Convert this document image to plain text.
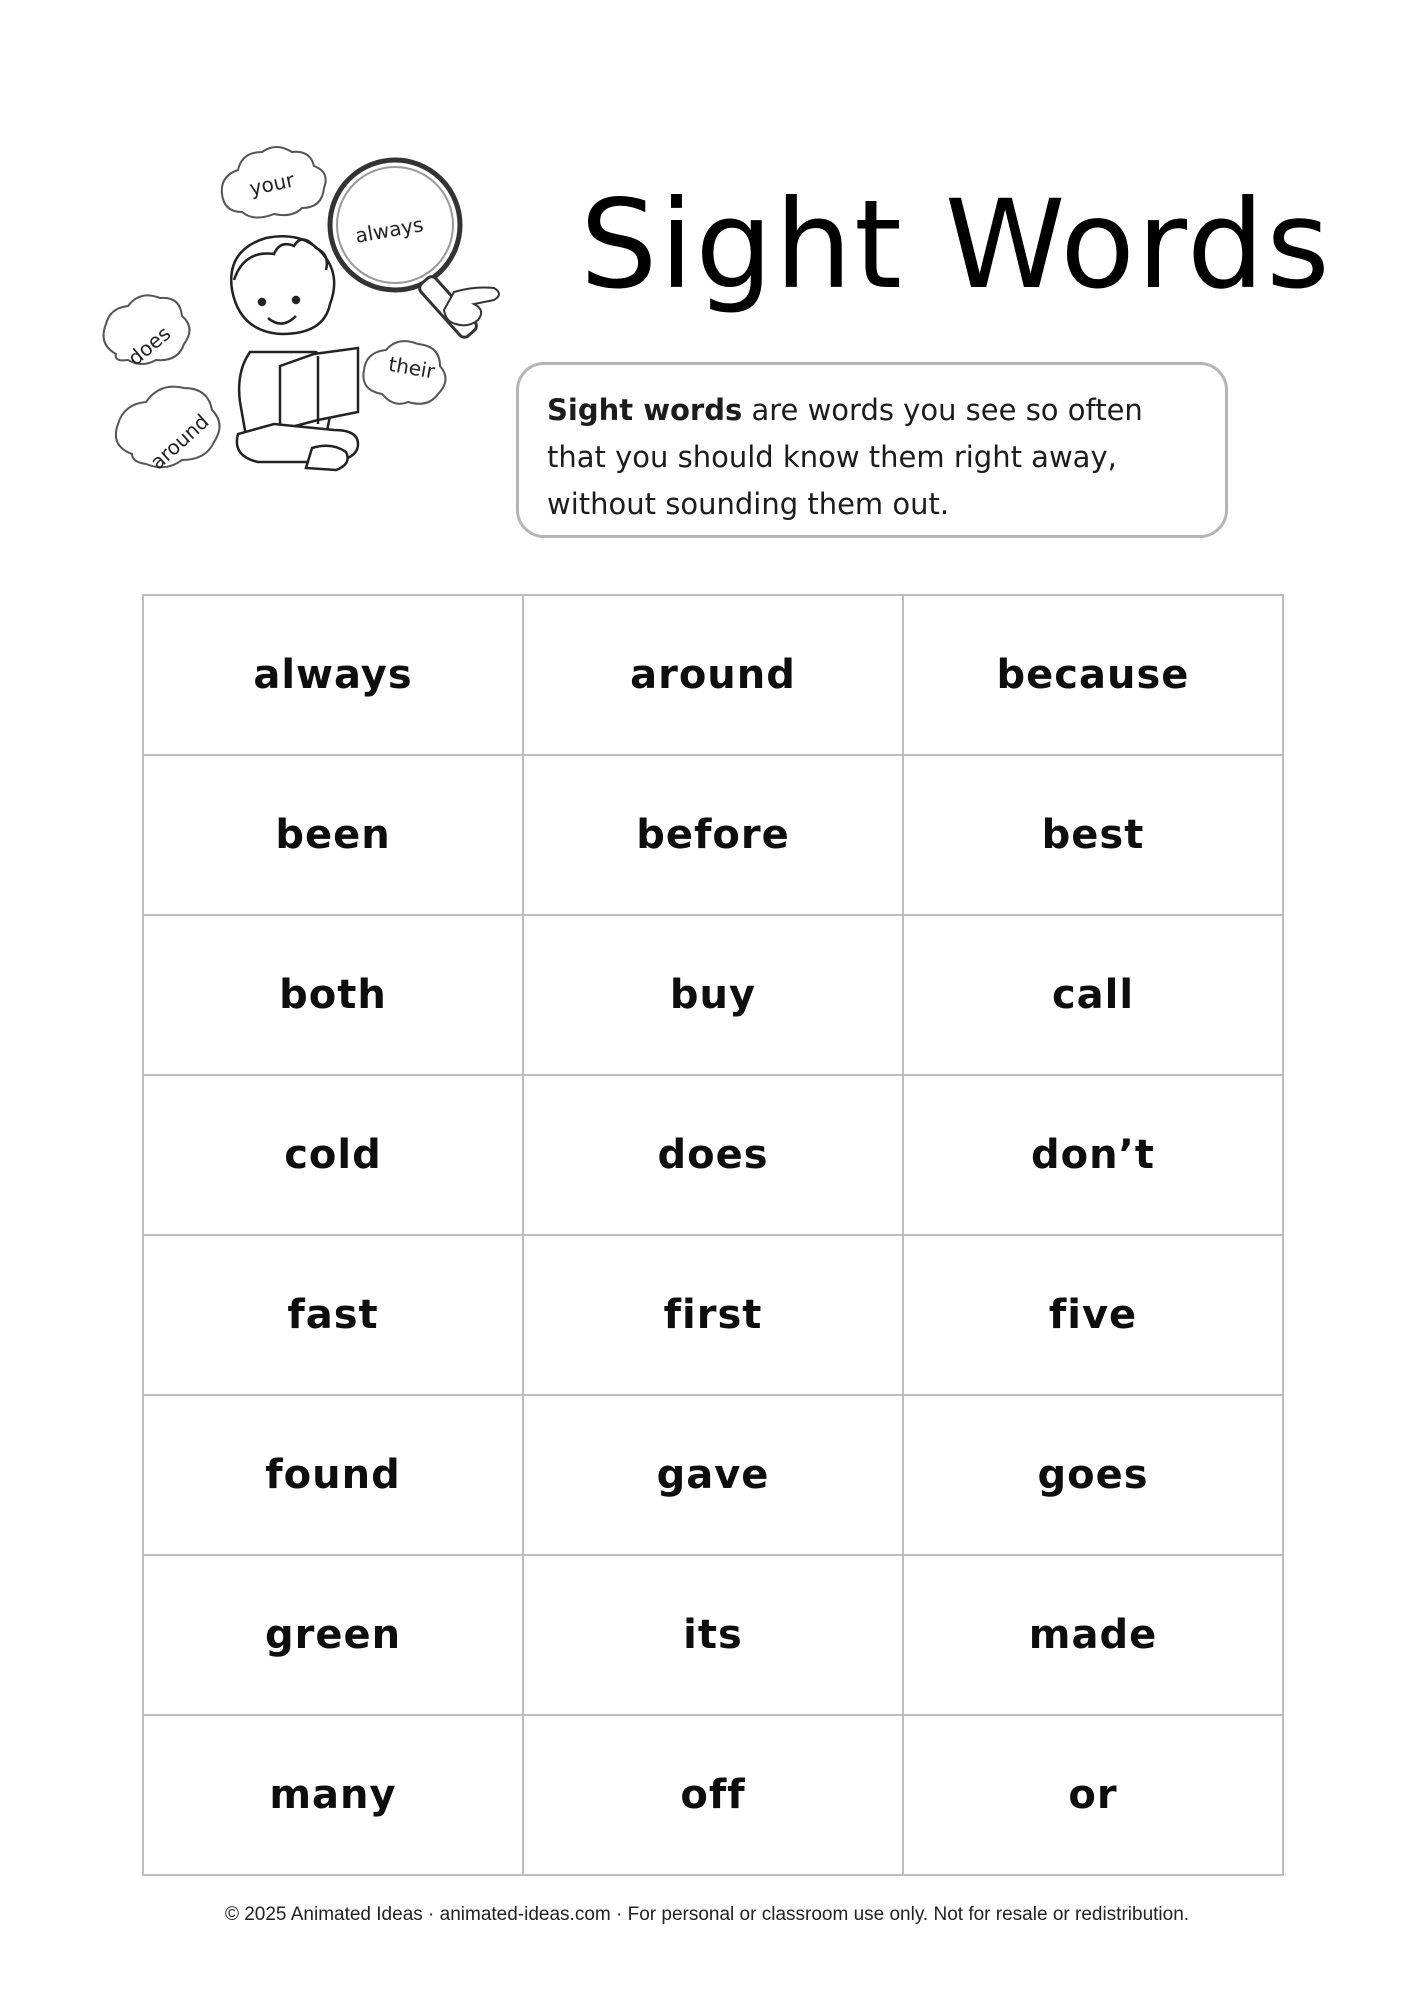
your
always
does	their
around
Sight Words
Sight words are words you see so often that you should know them right away, without sounding them out.
always	around	because
been	before	best
both	buy	call
cold	does	don’t
fast	first	five
found	gave	goes
green	its	made
many	off	or
© 2025 Animated Ideas · animated-ideas.com · For personal or classroom use only. Not for resale or redistribution.
